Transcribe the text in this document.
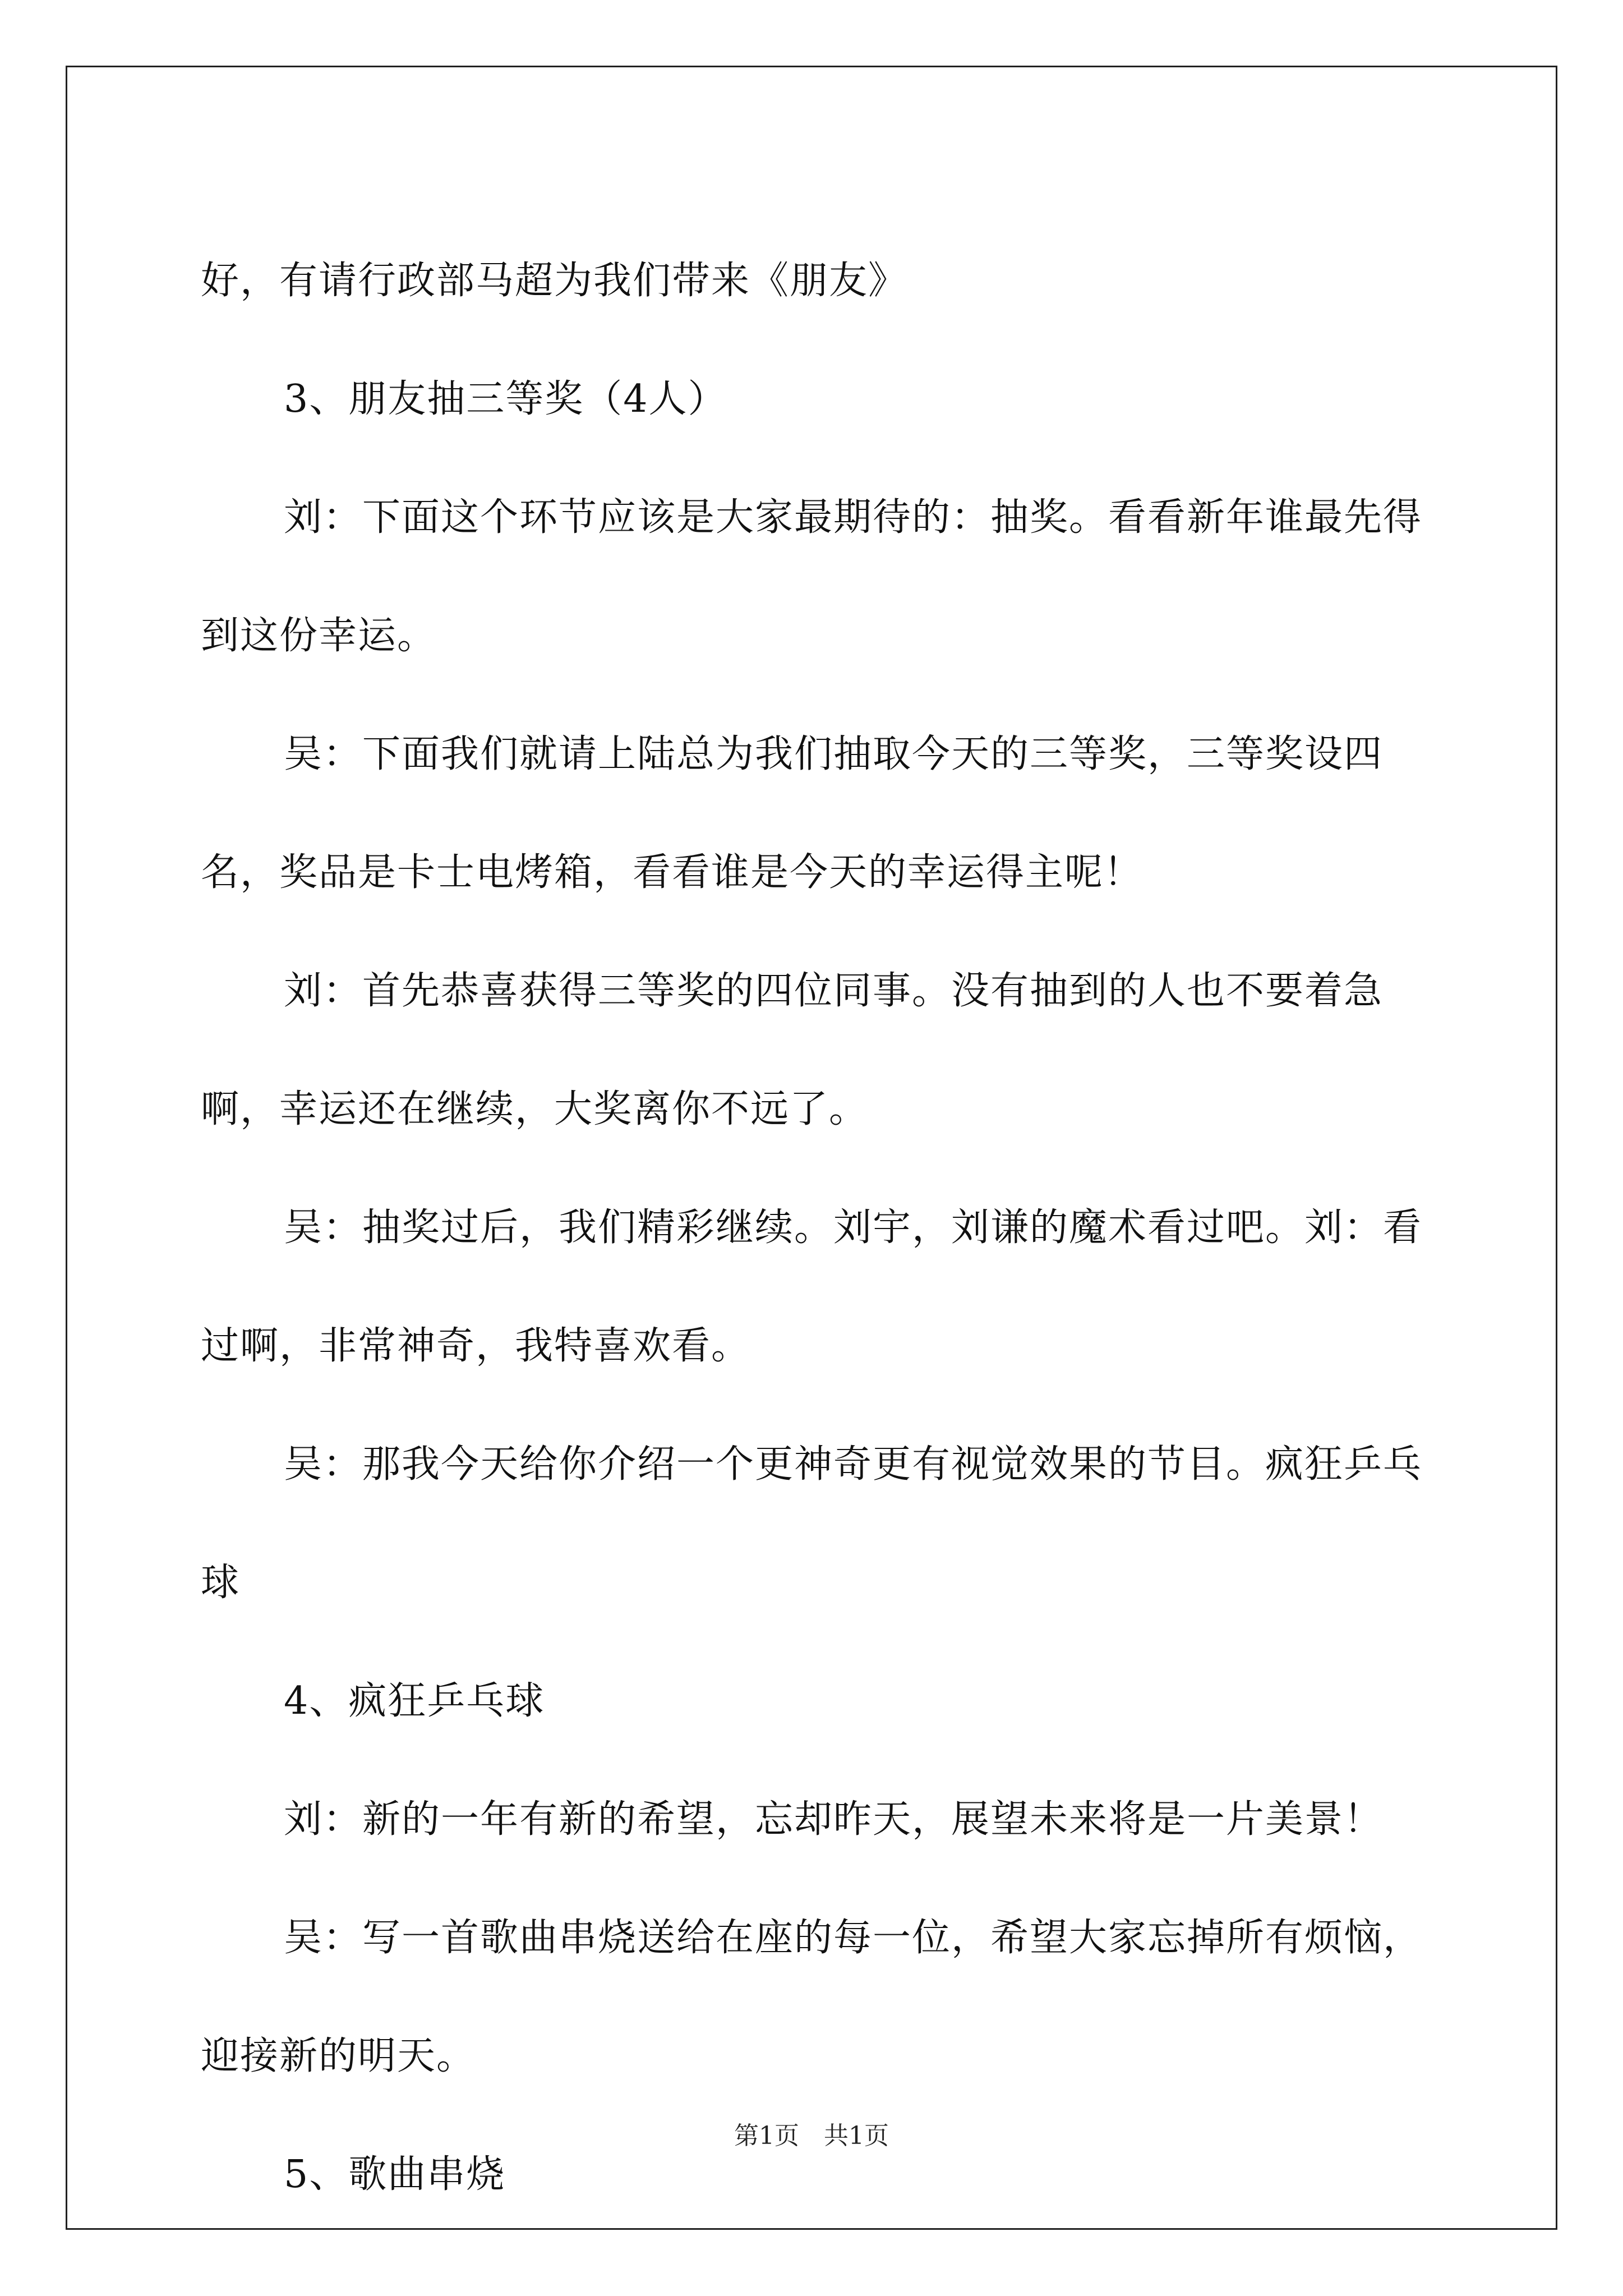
好，有请行政部马超为我们带来《朋友》

3、朋友抽三等奖（4人）

刘：下面这个环节应该是大家最期待的：抽奖。看看新年谁最先得到这份幸运。

吴：下面我们就请上陆总为我们抽取今天的三等奖，三等奖设四名，奖品是卡士电烤箱，看看谁是今天的幸运得主呢！

刘：首先恭喜获得三等奖的四位同事。没有抽到的人也不要着急啊，幸运还在继续，大奖离你不远了。

吴：抽奖过后，我们精彩继续。刘宇，刘谦的魔术看过吧。刘：看过啊，非常神奇，我特喜欢看。

吴：那我今天给你介绍一个更神奇更有视觉效果的节目。疯狂乒乓球

4、疯狂乒乓球

刘：新的一年有新的希望，忘却昨天，展望未来将是一片美景！

吴：写一首歌曲串烧送给在座的每一位，希望大家忘掉所有烦恼，迎接新的明天。

5、歌曲串烧

第1页　共1页
